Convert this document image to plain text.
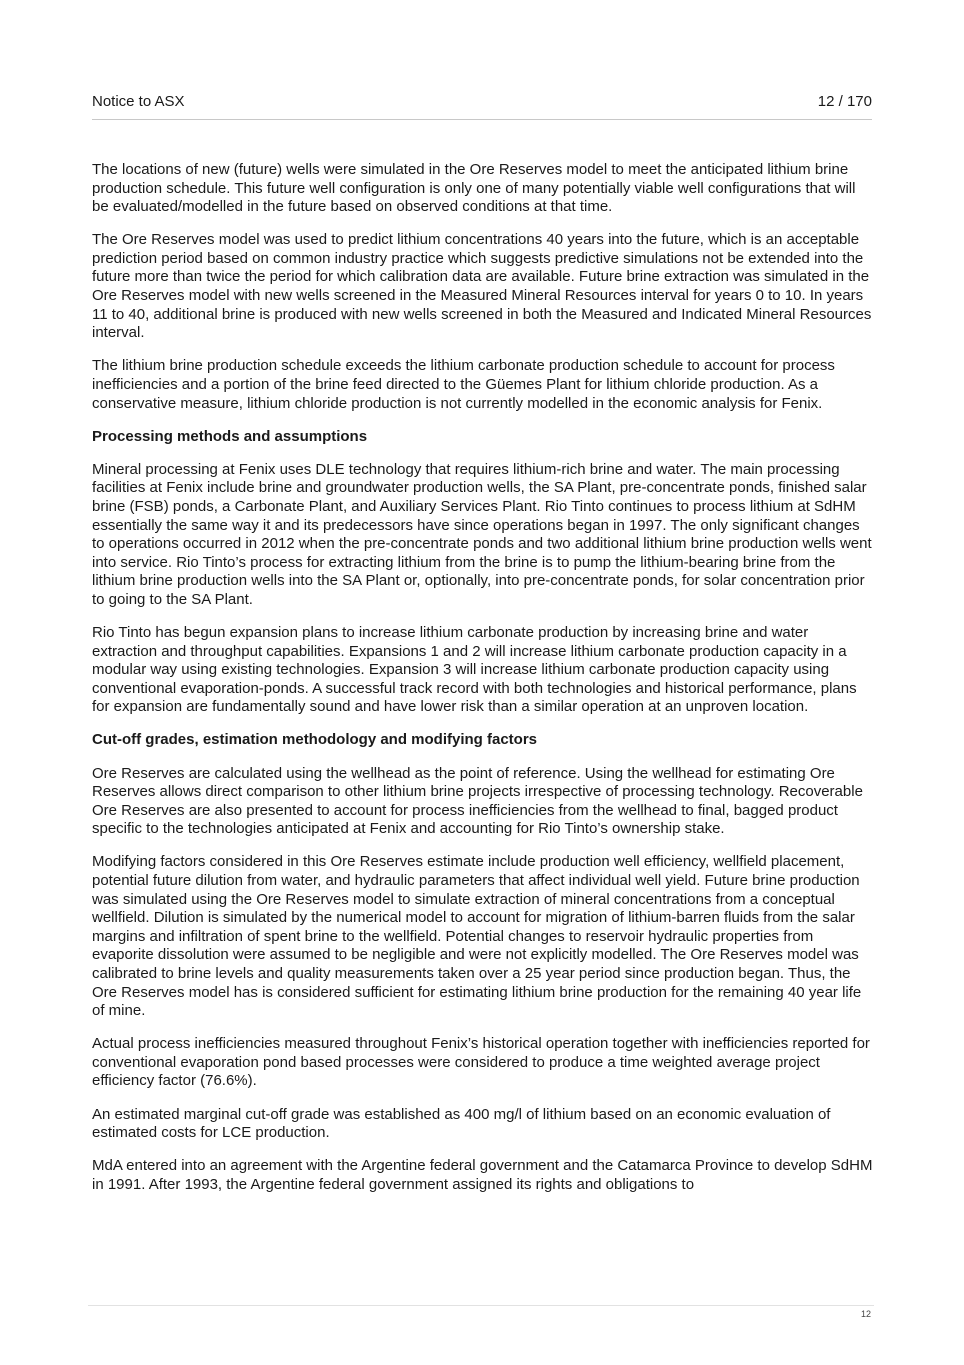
Notice to ASX	12 / 170

The locations of new (future) wells were simulated in the Ore Reserves model to meet the anticipated lithium brine production schedule. This future well configuration is only one of many potentially viable well configurations that will be evaluated/modelled in the future based on observed conditions at that time.

The Ore Reserves model was used to predict lithium concentrations 40 years into the future, which is an acceptable prediction period based on common industry practice which suggests predictive simulations not be extended into the future more than twice the period for which calibration data are available. Future brine extraction was simulated in the Ore Reserves model with new wells screened in the Measured Mineral Resources interval for years 0 to 10. In years 11 to 40, additional brine is produced with new wells screened in both the Measured and Indicated Mineral Resources interval.

The lithium brine production schedule exceeds the lithium carbonate production schedule to account for process inefficiencies and a portion of the brine feed directed to the Güemes Plant for lithium chloride production. As a conservative measure, lithium chloride production is not currently modelled in the economic analysis for Fenix.

Processing methods and assumptions

Mineral processing at Fenix uses DLE technology that requires lithium-rich brine and water. The main processing facilities at Fenix include brine and groundwater production wells, the SA Plant, pre-concentrate ponds, finished salar brine (FSB) ponds, a Carbonate Plant, and Auxiliary Services Plant. Rio Tinto continues to process lithium at SdHM essentially the same way it and its predecessors have since operations began in 1997. The only significant changes to operations occurred in 2012 when the pre-concentrate ponds and two additional lithium brine production wells went into service. Rio Tinto’s process for extracting lithium from the brine is to pump the lithium-bearing brine from the lithium brine production wells into the SA Plant or, optionally, into pre-concentrate ponds, for solar concentration prior to going to the SA Plant.

Rio Tinto has begun expansion plans to increase lithium carbonate production by increasing brine and water extraction and throughput capabilities. Expansions 1 and 2 will increase lithium carbonate production capacity in a modular way using existing technologies. Expansion 3 will increase lithium carbonate production capacity using conventional evaporation-ponds. A successful track record with both technologies and historical performance, plans for expansion are fundamentally sound and have lower risk than a similar operation at an unproven location.

Cut-off grades, estimation methodology and modifying factors

Ore Reserves are calculated using the wellhead as the point of reference. Using the wellhead for estimating Ore Reserves allows direct comparison to other lithium brine projects irrespective of processing technology. Recoverable Ore Reserves are also presented to account for process inefficiencies from the wellhead to final, bagged product specific to the technologies anticipated at Fenix and accounting for Rio Tinto’s ownership stake.

Modifying factors considered in this Ore Reserves estimate include production well efficiency, wellfield placement, potential future dilution from water, and hydraulic parameters that affect individual well yield. Future brine production was simulated using the Ore Reserves model to simulate extraction of mineral concentrations from a conceptual wellfield. Dilution is simulated by the numerical model to account for migration of lithium-barren fluids from the salar margins and infiltration of spent brine to the wellfield. Potential changes to reservoir hydraulic properties from evaporite dissolution were assumed to be negligible and were not explicitly modelled. The Ore Reserves model was calibrated to brine levels and quality measurements taken over a 25 year period since production began. Thus, the Ore Reserves model has is considered sufficient for estimating lithium brine production for the remaining 40 year life of mine.

Actual process inefficiencies measured throughout Fenix’s historical operation together with inefficiencies reported for conventional evaporation pond based processes were considered to produce a time weighted average project efficiency factor (76.6%).

An estimated marginal cut-off grade was established as 400 mg/l of lithium based on an economic evaluation of estimated costs for LCE production.

MdA entered into an agreement with the Argentine federal government and the Catamarca Province to develop SdHM in 1991. After 1993, the Argentine federal government assigned its rights and obligations to

12
